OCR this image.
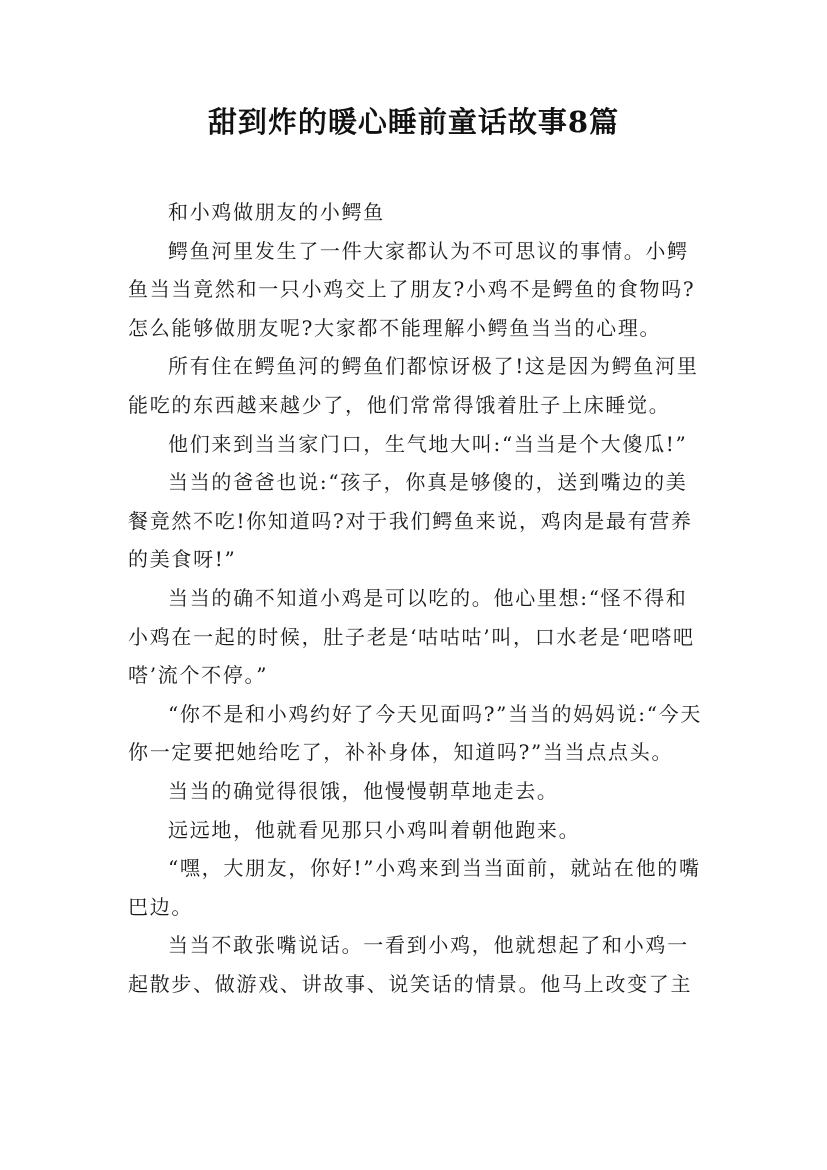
甜到炸的暖心睡前童话故事8篇

和小鸡做朋友的小鳄鱼

鳄鱼河里发生了一件大家都认为不可思议的事情。小鳄鱼当当竟然和一只小鸡交上了朋友?小鸡不是鳄鱼的食物吗?怎么能够做朋友呢?大家都不能理解小鳄鱼当当的心理。

所有住在鳄鱼河的鳄鱼们都惊讶极了!这是因为鳄鱼河里能吃的东西越来越少了，他们常常得饿着肚子上床睡觉。

他们来到当当家门口，生气地大叫:“当当是个大傻瓜!”

当当的爸爸也说:“孩子，你真是够傻的，送到嘴边的美餐竟然不吃!你知道吗?对于我们鳄鱼来说，鸡肉是最有营养的美食呀!”

当当的确不知道小鸡是可以吃的。他心里想:“怪不得和小鸡在一起的时候，肚子老是‘咕咕咕’叫，口水老是‘吧嗒吧嗒’流个不停。”

“你不是和小鸡约好了今天见面吗?”当当的妈妈说:“今天你一定要把她给吃了，补补身体，知道吗?”当当点点头。

当当的确觉得很饿，他慢慢朝草地走去。

远远地，他就看见那只小鸡叫着朝他跑来。

“嘿，大朋友，你好!”小鸡来到当当面前，就站在他的嘴巴边。

当当不敢张嘴说话。一看到小鸡，他就想起了和小鸡一起散步、做游戏、讲故事、说笑话的情景。他马上改变了主
